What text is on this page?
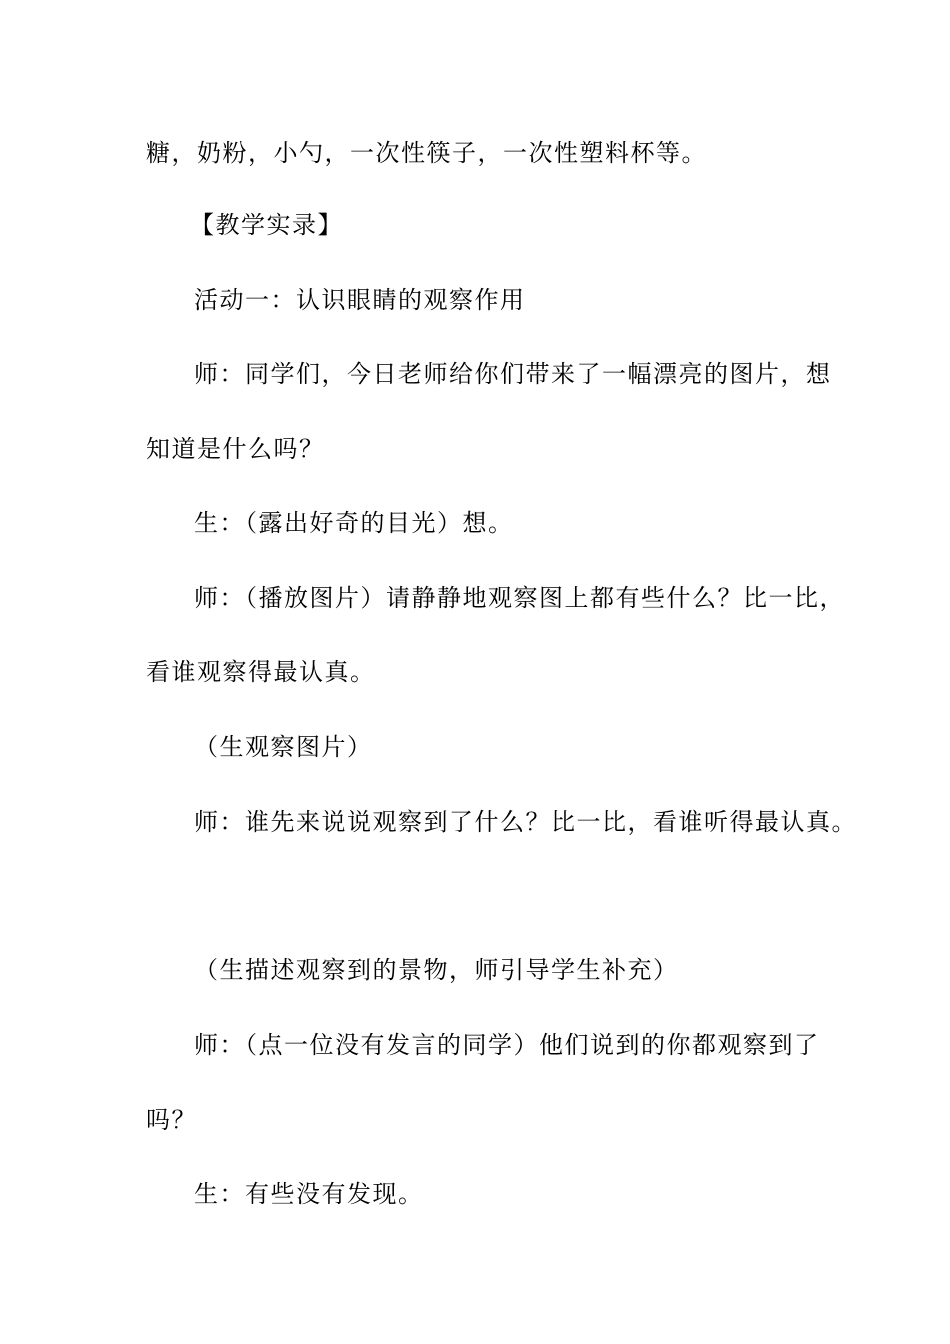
糖，奶粉，小勺，一次性筷子，一次性塑料杯等。
【教学实录】
活动一：认识眼睛的观察作用
师：同学们，今日老师给你们带来了一幅漂亮的图片，想
知道是什么吗？
生：（露出好奇的目光）想。
师：（播放图片）请静静地观察图上都有些什么？比一比，
看谁观察得最认真。
（生观察图片）
师：谁先来说说观察到了什么？比一比，看谁听得最认真。
（生描述观察到的景物，师引导学生补充）
师：（点一位没有发言的同学）他们说到的你都观察到了
吗？
生：有些没有发现。
